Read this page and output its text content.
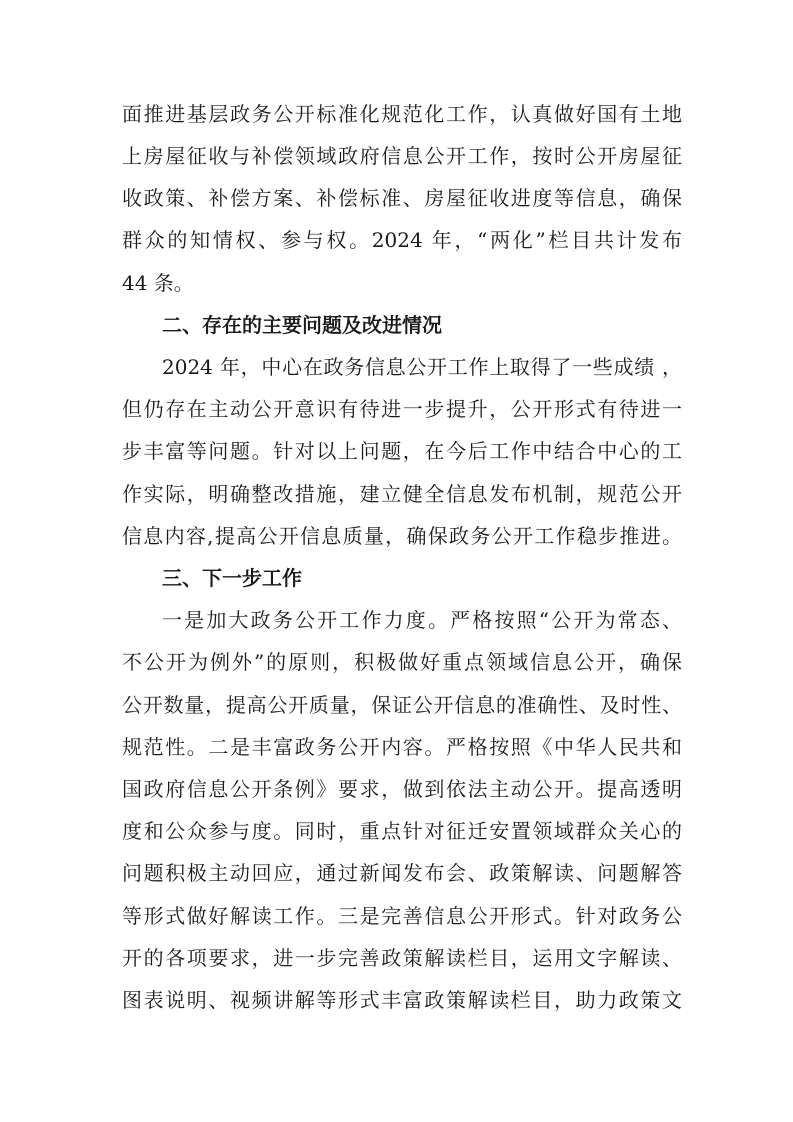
面推进基层政务公开标准化规范化工作，认真做好国有土地
上房屋征收与补偿领域政府信息公开工作，按时公开房屋征
收政策、补偿方案、补偿标准、房屋征收进度等信息，确保
群众的知情权、参与权。2024 年，“两化”栏目共计发布
44 条。
二、存在的主要问题及改进情况
2024 年，中心在政务信息公开工作上取得了一些成绩 ，
但仍存在主动公开意识有待进一步提升，公开形式有待进一
步丰富等问题。针对以上问题，在今后工作中结合中心的工
作实际，明确整改措施，建立健全信息发布机制，规范公开
信息内容,提高公开信息质量，确保政务公开工作稳步推进。
三、下一步工作
一是加大政务公开工作力度。严格按照“公开为常态、
不公开为例外”的原则，积极做好重点领域信息公开，确保
公开数量，提高公开质量，保证公开信息的准确性、及时性、
规范性。二是丰富政务公开内容。严格按照《中华人民共和
国政府信息公开条例》要求，做到依法主动公开。提高透明
度和公众参与度。同时，重点针对征迁安置领域群众关心的
问题积极主动回应，通过新闻发布会、政策解读、问题解答
等形式做好解读工作。三是完善信息公开形式。针对政务公
开的各项要求，进一步完善政策解读栏目，运用文字解读、
图表说明、视频讲解等形式丰富政策解读栏目，助力政策文
